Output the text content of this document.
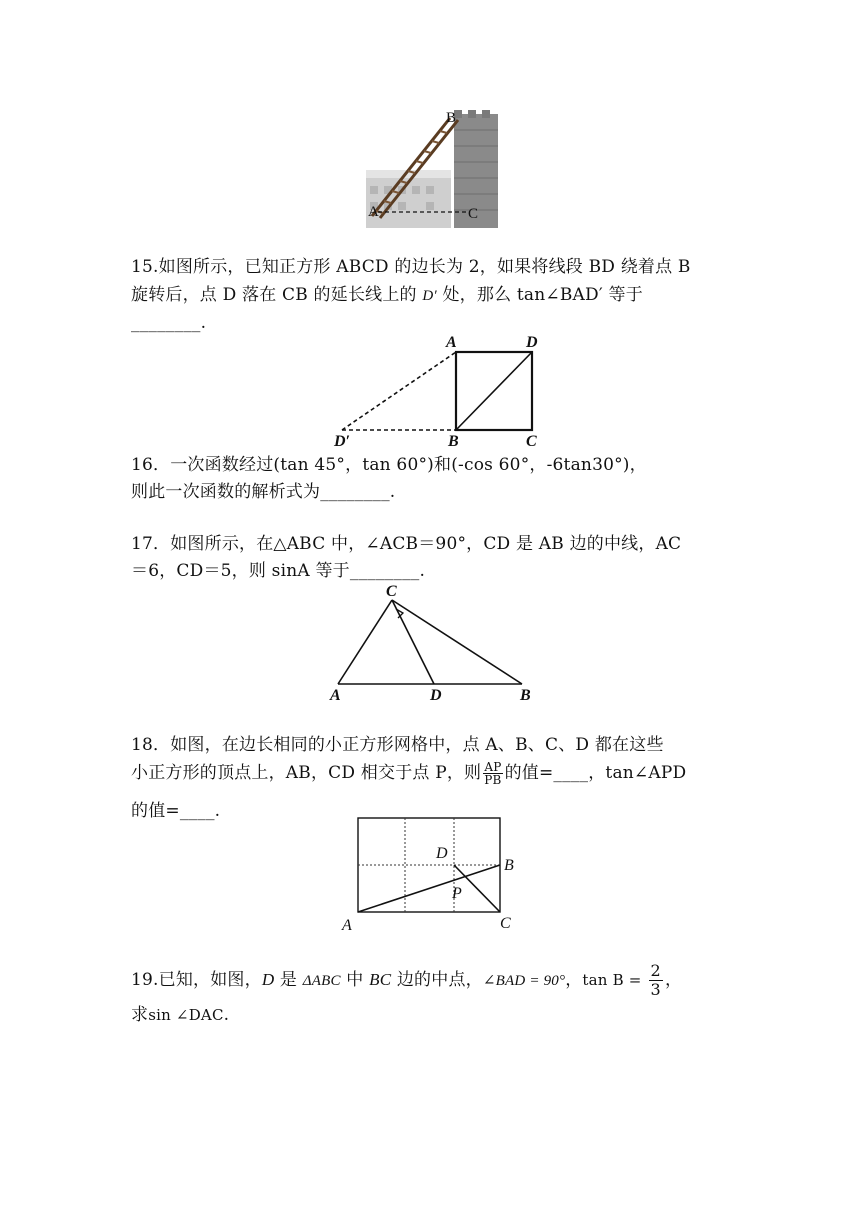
B
A	C
15.如图所示，已知正方形 ABCD 的边长为 2，如果将线段 BD 绕着点 B
旋转后，点 D 落在 CB 的延长线上的 D′ 处，那么 tan∠BAD′ 等于
________.
A	D
D′	B	C
16．一次函数经过(tan 45°，tan 60°)和(-cos 60°，-6tan30°)，
则此一次函数的解析式为________.
17．如图所示，在△ABC 中，∠ACB＝90°，CD 是 AB 边的中线，AC
＝6，CD＝5，则 sinA 等于________.
C
A	D	B
18．如图，在边长相同的小正方形网格中，点 A、B、C、D 都在这些
小正方形的顶点上，AB，CD 相交于点 P，则 $\frac{AP}{PB}$ 的值=____，tan∠APD
的值=____.
D
B
P
A	C
19.已知，如图，D 是 ΔABC 中 BC 边的中点，∠BAD = 90°，$\tan B = \frac{2}{3}$ ，
求sin ∠DAC.
